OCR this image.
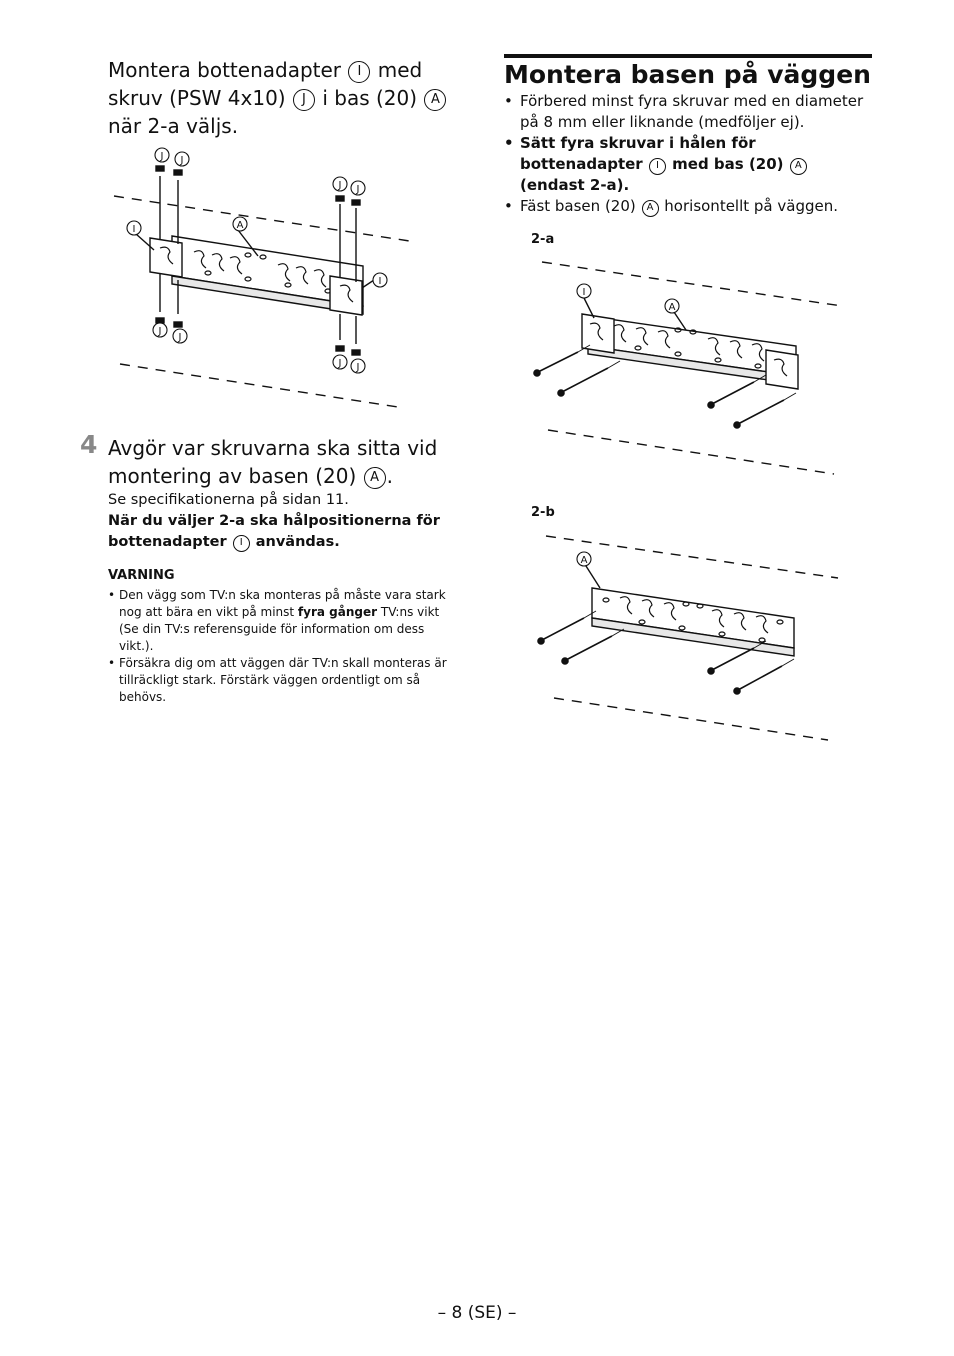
Montera bottenadapter I med
skruv (PSW 4x10) J i bas (20) A
när 2-a väljs.
J J
I	A
J J
I
J
J
J J
4 Avgör var skruvarna ska sitta vid
montering av basen (20) A .
Se specifikationerna på sidan 11.
När du väljer 2-a ska hålpositionerna för
bottenadapter I användas.
VARNING
• Den vägg som TV:n ska monteras på måste vara stark nog att bära en vikt på minst fyra gånger TV:ns vikt (Se din TV:s referensguide för information om dess vikt.).
• Försäkra dig om att väggen där TV:n skall monteras är tillräckligt stark. Förstärk väggen ordentligt om så behövs.
Montera basen på väggen
• Förbered minst fyra skruvar med en diameter på 8 mm eller liknande (medföljer ej).
• Sätt fyra skruvar i hålen för bottenadapter I med bas (20) A (endast 2-a).
• Fäst basen (20) A horisontellt på väggen.
2-a
I
A
2-b
A
– 8 (SE) –
